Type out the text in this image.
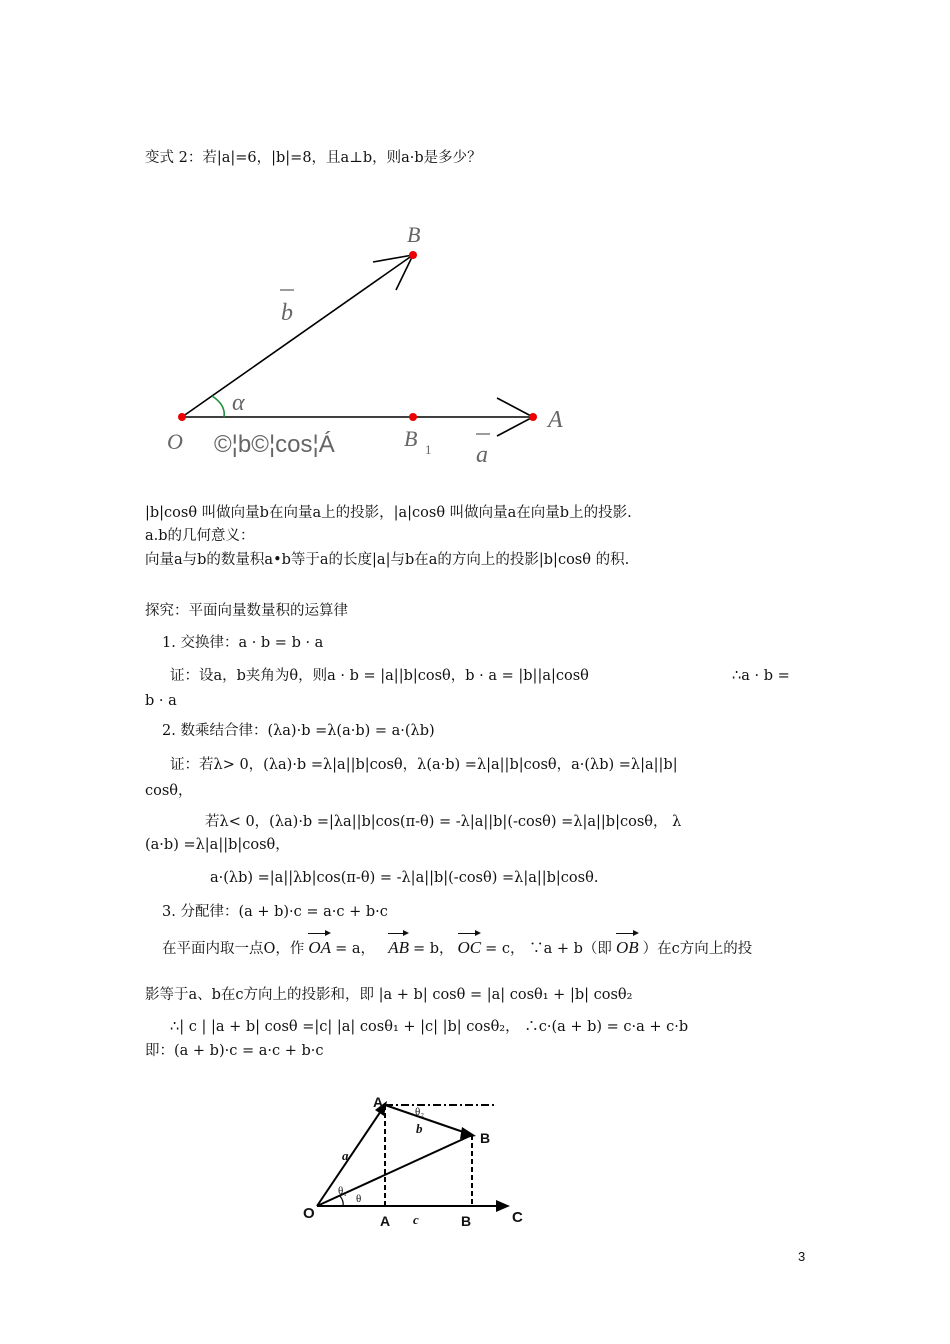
变式 2：若|a|=6，|b|=8，且a⊥b，则a·b是多少？
B
b
α
O ©¦b©¦cos¦Á	B 1
A
a
O
A
θ₂
b
B
a
θ₁
θ
A c	B	C
|b|cosθ 叫做向量b在向量a上的投影，|a|cosθ 叫做向量a在向量b上的投影.
a.b的几何意义：
向量a与b的数量积a•b等于a的长度|a|与b在a的方向上的投影|b|cosθ 的积.
探究：平面向量数量积的运算律
1. 交换律：a · b = b · a
证：设a，b夹角为θ，则a · b = |a||b|cosθ，b · a = |b||a|cosθ	∴a · b =
b · a
2. 数乘结合律：(λa)·b =λ(a·b) = a·(λb)
证：若λ> 0，(λa)·b =λ|a||b|cosθ，λ(a·b) =λ|a||b|cosθ，a·(λb) =λ|a||b|
cosθ，
若λ< 0，(λa)·b =|λa||b|cos(π-θ) = -λ|a||b|(-cosθ) =λ|a||b|cosθ， λ
(a·b) =λ|a||b|cosθ，
a·(λb) =|a||λb|cos(π-θ) = -λ|a||b|(-cosθ) =λ|a||b|cosθ.
3. 分配律：(a + b)·c = a·c + b·c
在平面内取一点O，作 OA = a， AB = b， OC = c， ∵a + b（即 OB ）在c方向上的投
影等于a、b在c方向上的投影和，即 |a + b| cosθ = |a| cosθ₁ + |b| cosθ₂
∴| c | |a + b| cosθ =|c| |a| cosθ₁ + |c| |b| cosθ₂， ∴c·(a + b) = c·a + c·b
即：(a + b)·c = a·c + b·c
3
